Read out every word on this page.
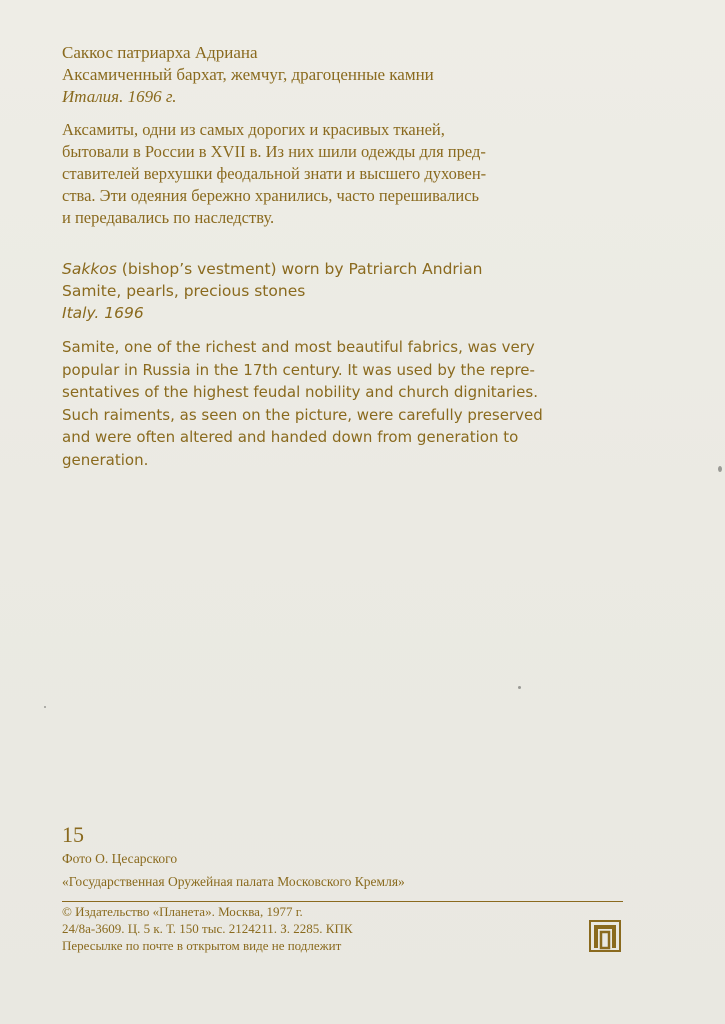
Саккос патриарха Адриана
Аксамиченный бархат, жемчуг, драгоценные камни
Италия. 1696 г.
Аксамиты, одни из самых дорогих и красивых тканей,
бытовали в России в XVII в. Из них шили одежды для пред-
ставителей верхушки феодальной знати и высшего духовен-
ства. Эти одеяния бережно хранились, часто перешивались
и передавались по наследству.
Sakkos (bishop’s vestment) worn by Patriarch Andrian
Samite, pearls, precious stones
Italy. 1696
Samite, one of the richest and most beautiful fabrics, was very
popular in Russia in the 17th century. It was used by the repre-
sentatives of the highest feudal nobility and church dignitaries.
Such raiments, as seen on the picture, were carefully preserved
and were often altered and handed down from generation to
generation.
15
Фото О. Цесарского
«Государственная Оружейная палата Московского Кремля»
© Издательство «Планета». Москва, 1977 г.
24/8а-3609. Ц. 5 к. Т. 150 тыс. 2124211. З. 2285. КПК
Пересылке по почте в открытом виде не подлежит
